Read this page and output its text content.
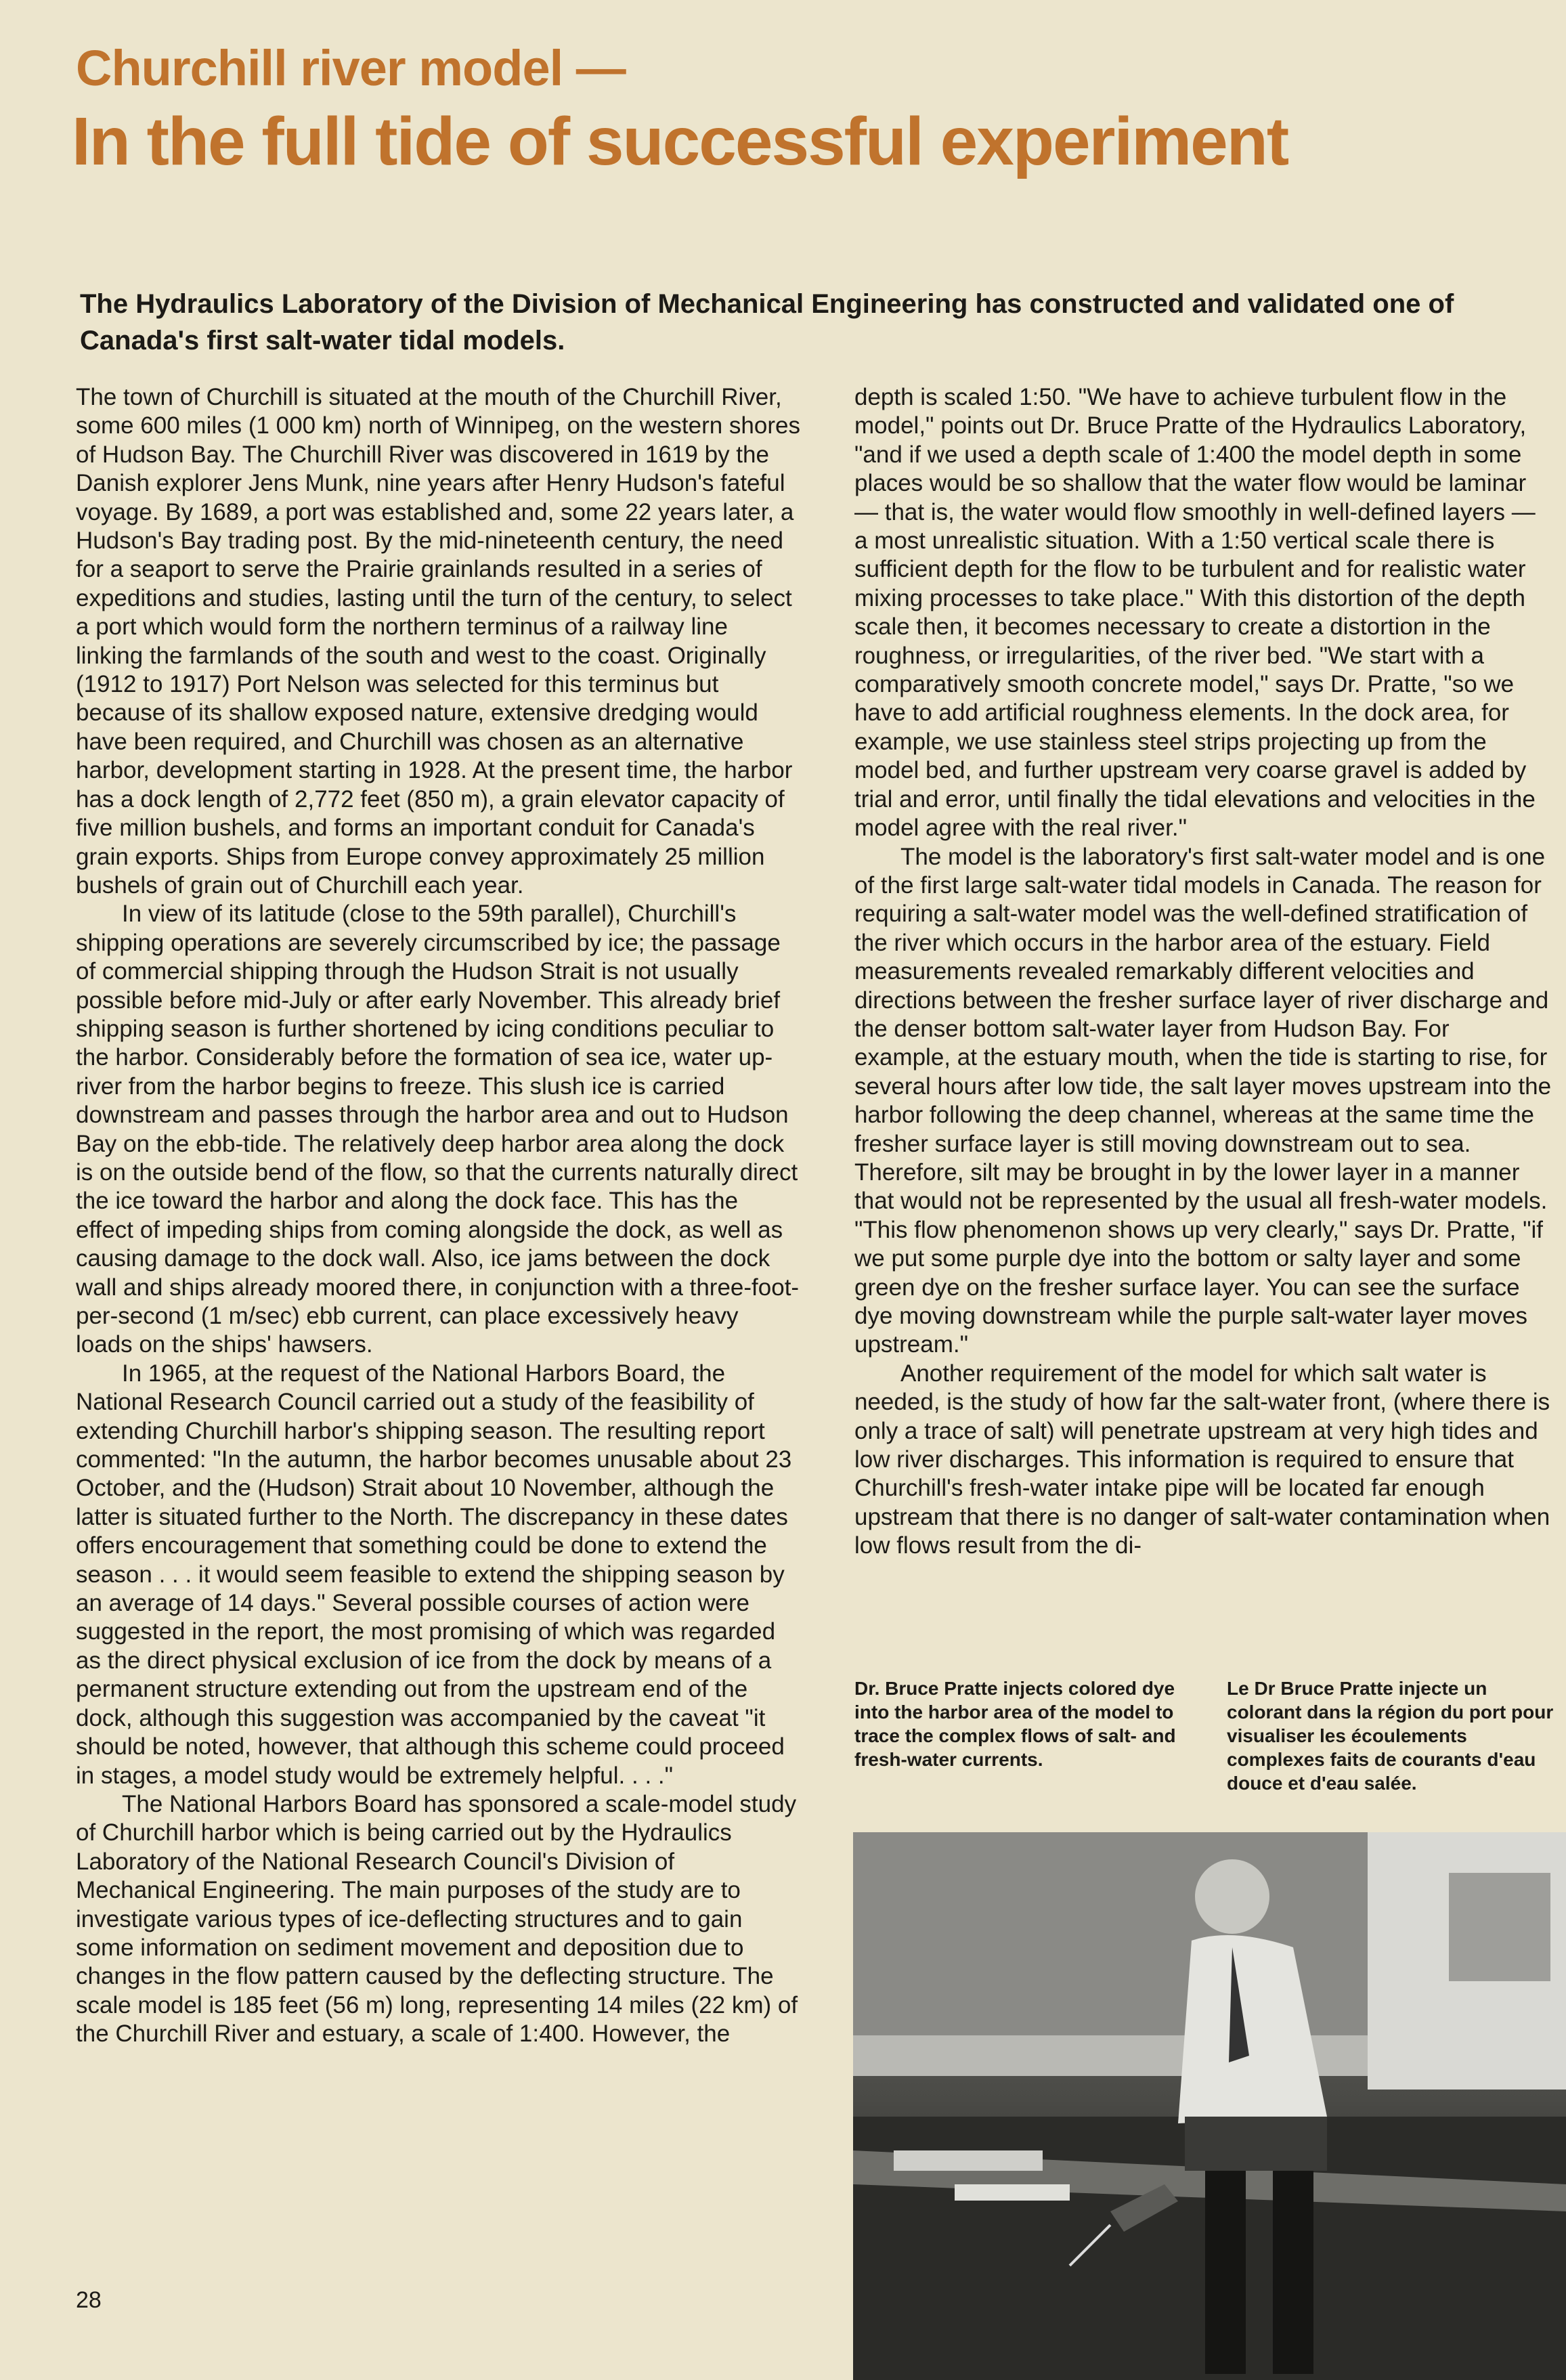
Churchill river model —
In the full tide of successful experiment

The Hydraulics Laboratory of the Division of Mechanical Engineering has constructed and validated one of Canada's first salt-water tidal models.

The town of Churchill is situated at the mouth of the Churchill River, some 600 miles (1 000 km) north of Winnipeg, on the western shores of Hudson Bay. The Churchill River was discovered in 1619 by the Danish explorer Jens Munk, nine years after Henry Hudson's fateful voyage. By 1689, a port was established and, some 22 years later, a Hudson's Bay trading post. By the mid-nineteenth century, the need for a seaport to serve the Prairie grainlands resulted in a series of expeditions and studies, lasting until the turn of the century, to select a port which would form the northern terminus of a railway line linking the farmlands of the south and west to the coast. Originally (1912 to 1917) Port Nelson was selected for this terminus but because of its shallow exposed nature, extensive dredging would have been required, and Churchill was chosen as an alternative harbor, development starting in 1928. At the present time, the harbor has a dock length of 2,772 feet (850 m), a grain elevator capacity of five million bushels, and forms an important conduit for Canada's grain exports. Ships from Europe convey approximately 25 million bushels of grain out of Churchill each year.

In view of its latitude (close to the 59th parallel), Churchill's shipping operations are severely circumscribed by ice; the passage of commercial shipping through the Hudson Strait is not usually possible before mid-July or after early November. This already brief shipping season is further shortened by icing conditions peculiar to the harbor. Considerably before the formation of sea ice, water up-river from the harbor begins to freeze. This slush ice is carried downstream and passes through the harbor area and out to Hudson Bay on the ebb-tide. The relatively deep harbor area along the dock is on the outside bend of the flow, so that the currents naturally direct the ice toward the harbor and along the dock face. This has the effect of impeding ships from coming alongside the dock, as well as causing damage to the dock wall. Also, ice jams between the dock wall and ships already moored there, in conjunction with a three-foot-per-second (1 m/sec) ebb current, can place excessively heavy loads on the ships' hawsers.

In 1965, at the request of the National Harbors Board, the National Research Council carried out a study of the feasibility of extending Churchill harbor's shipping season. The resulting report commented: "In the autumn, the harbor becomes unusable about 23 October, and the (Hudson) Strait about 10 November, although the latter is situated further to the North. The discrepancy in these dates offers encouragement that something could be done to extend the season . . . it would seem feasible to extend the shipping season by an average of 14 days." Several possible courses of action were suggested in the report, the most promising of which was regarded as the direct physical exclusion of ice from the dock by means of a permanent structure extending out from the upstream end of the dock, although this suggestion was accompanied by the caveat "it should be noted, however, that although this scheme could proceed in stages, a model study would be extremely helpful. . . ."

The National Harbors Board has sponsored a scale-model study of Churchill harbor which is being carried out by the Hydraulics Laboratory of the National Research Council's Division of Mechanical Engineering. The main purposes of the study are to investigate various types of ice-deflecting structures and to gain some information on sediment movement and deposition due to changes in the flow pattern caused by the deflecting structure. The scale model is 185 feet (56 m) long, representing 14 miles (22 km) of the Churchill River and estuary, a scale of 1:400. However, the

depth is scaled 1:50. "We have to achieve turbulent flow in the model," points out Dr. Bruce Pratte of the Hydraulics Laboratory, "and if we used a depth scale of 1:400 the model depth in some places would be so shallow that the water flow would be laminar — that is, the water would flow smoothly in well-defined layers — a most unrealistic situation. With a 1:50 vertical scale there is sufficient depth for the flow to be turbulent and for realistic water mixing processes to take place." With this distortion of the depth scale then, it becomes necessary to create a distortion in the roughness, or irregularities, of the river bed. "We start with a comparatively smooth concrete model," says Dr. Pratte, "so we have to add artificial roughness elements. In the dock area, for example, we use stainless steel strips projecting up from the model bed, and further upstream very coarse gravel is added by trial and error, until finally the tidal elevations and velocities in the model agree with the real river."

The model is the laboratory's first salt-water model and is one of the first large salt-water tidal models in Canada. The reason for requiring a salt-water model was the well-defined stratification of the river which occurs in the harbor area of the estuary. Field measurements revealed remarkably different velocities and directions between the fresher surface layer of river discharge and the denser bottom salt-water layer from Hudson Bay. For example, at the estuary mouth, when the tide is starting to rise, for several hours after low tide, the salt layer moves upstream into the harbor following the deep channel, whereas at the same time the fresher surface layer is still moving downstream out to sea. Therefore, silt may be brought in by the lower layer in a manner that would not be represented by the usual all fresh-water models. "This flow phenomenon shows up very clearly," says Dr. Pratte, "if we put some purple dye into the bottom or salty layer and some green dye on the fresher surface layer. You can see the surface dye moving downstream while the purple salt-water layer moves upstream."

Another requirement of the model for which salt water is needed, is the study of how far the salt-water front, (where there is only a trace of salt) will penetrate upstream at very high tides and low river discharges. This information is required to ensure that Churchill's fresh-water intake pipe will be located far enough upstream that there is no danger of salt-water contamination when low flows result from the di-

Dr. Bruce Pratte injects colored dye into the harbor area of the model to trace the complex flows of salt- and fresh-water currents.

Le Dr Bruce Pratte injecte un colorant dans la région du port pour visualiser les écoulements complexes faits de courants d'eau douce et d'eau salée.

28
